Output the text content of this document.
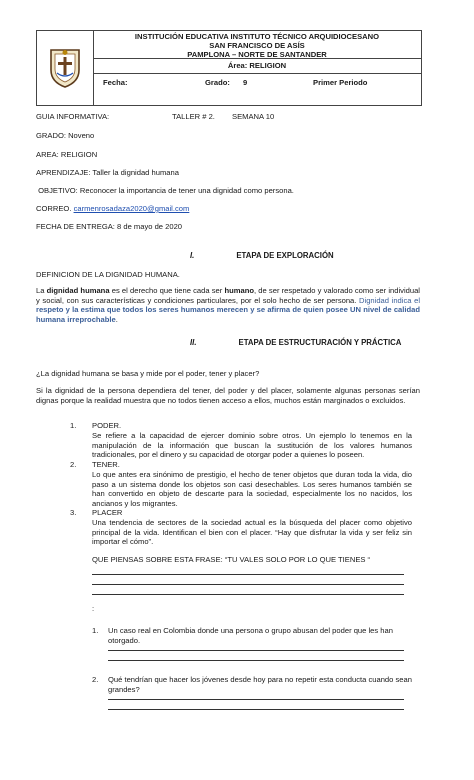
INSTITUCIÓN EDUCATIVA INSTITUTO TÉCNICO ARQUIDIOCESANO
SAN FRANCISCO DE ASÍS
PAMPLONA – NORTE DE SANTANDER
Área: RELIGION
Fecha:	Grado: 9	Primer Periodo
GUIA INFORMATIVA:	TALLER # 2. SEMANA 10
GRADO: Noveno
AREA: RELIGION
APRENDIZAJE: Taller la dignidad humana
OBJETIVO: Reconocer la importancia de tener una dignidad como persona.
CORREO. carmenrosadaza2020@gmail.com
FECHA DE ENTREGA: 8 de mayo de 2020
I.	ETAPA DE EXPLORACIÓN
DEFINICION DE LA DIGNIDAD HUMANA.
La dignidad humana es el derecho que tiene cada ser humano, de ser respetado y valorado como ser individual y social, con sus características y condiciones particulares, por el solo hecho de ser persona. Dignidad indica el respeto y la estima que todos los seres humanos merecen y se afirma de quien posee UN nivel de calidad humana irreprochable.
II.	ETAPA DE ESTRUCTURACIÓN Y PRÁCTICA
¿La dignidad humana se basa y mide por el poder, tener y placer?
Si la dignidad de la persona dependiera del tener, del poder y del placer, solamente algunas personas serían dignas porque la realidad muestra que no todos tienen acceso a ellos, muchos están marginados o excluidos.
1. PODER.
Se refiere a la capacidad de ejercer dominio sobre otros. Un ejemplo lo tenemos en la manipulación de la información que buscan la sustitución de los valores humanos tradicionales, por el dinero y su capacidad de otorgar poder a quienes lo poseen.
2. TENER.
Lo que antes era sinónimo de prestigio, el hecho de tener objetos que duran toda la vida, dio paso a un sistema donde los objetos son casi desechables. Los seres humanos también se han convertido en objeto de descarte para la sociedad, especialmente los no nacidos, los ancianos y los migrantes.
3. PLACER
Una tendencia de sectores de la sociedad actual es la búsqueda del placer como objetivo principal de la vida. Identifican el bien con el placer. “Hay que disfrutar la vida y ser feliz sin importar el cómo”.
QUE PIENSAS SOBRE ESTA FRASE: “TU VALES SOLO POR LO QUE TIENES “
:
1. Un caso real en Colombia donde una persona o grupo abusan del poder que les han otorgado.
2. Qué tendrían que hacer los jóvenes desde hoy para no repetir esta conducta cuando sean grandes?
